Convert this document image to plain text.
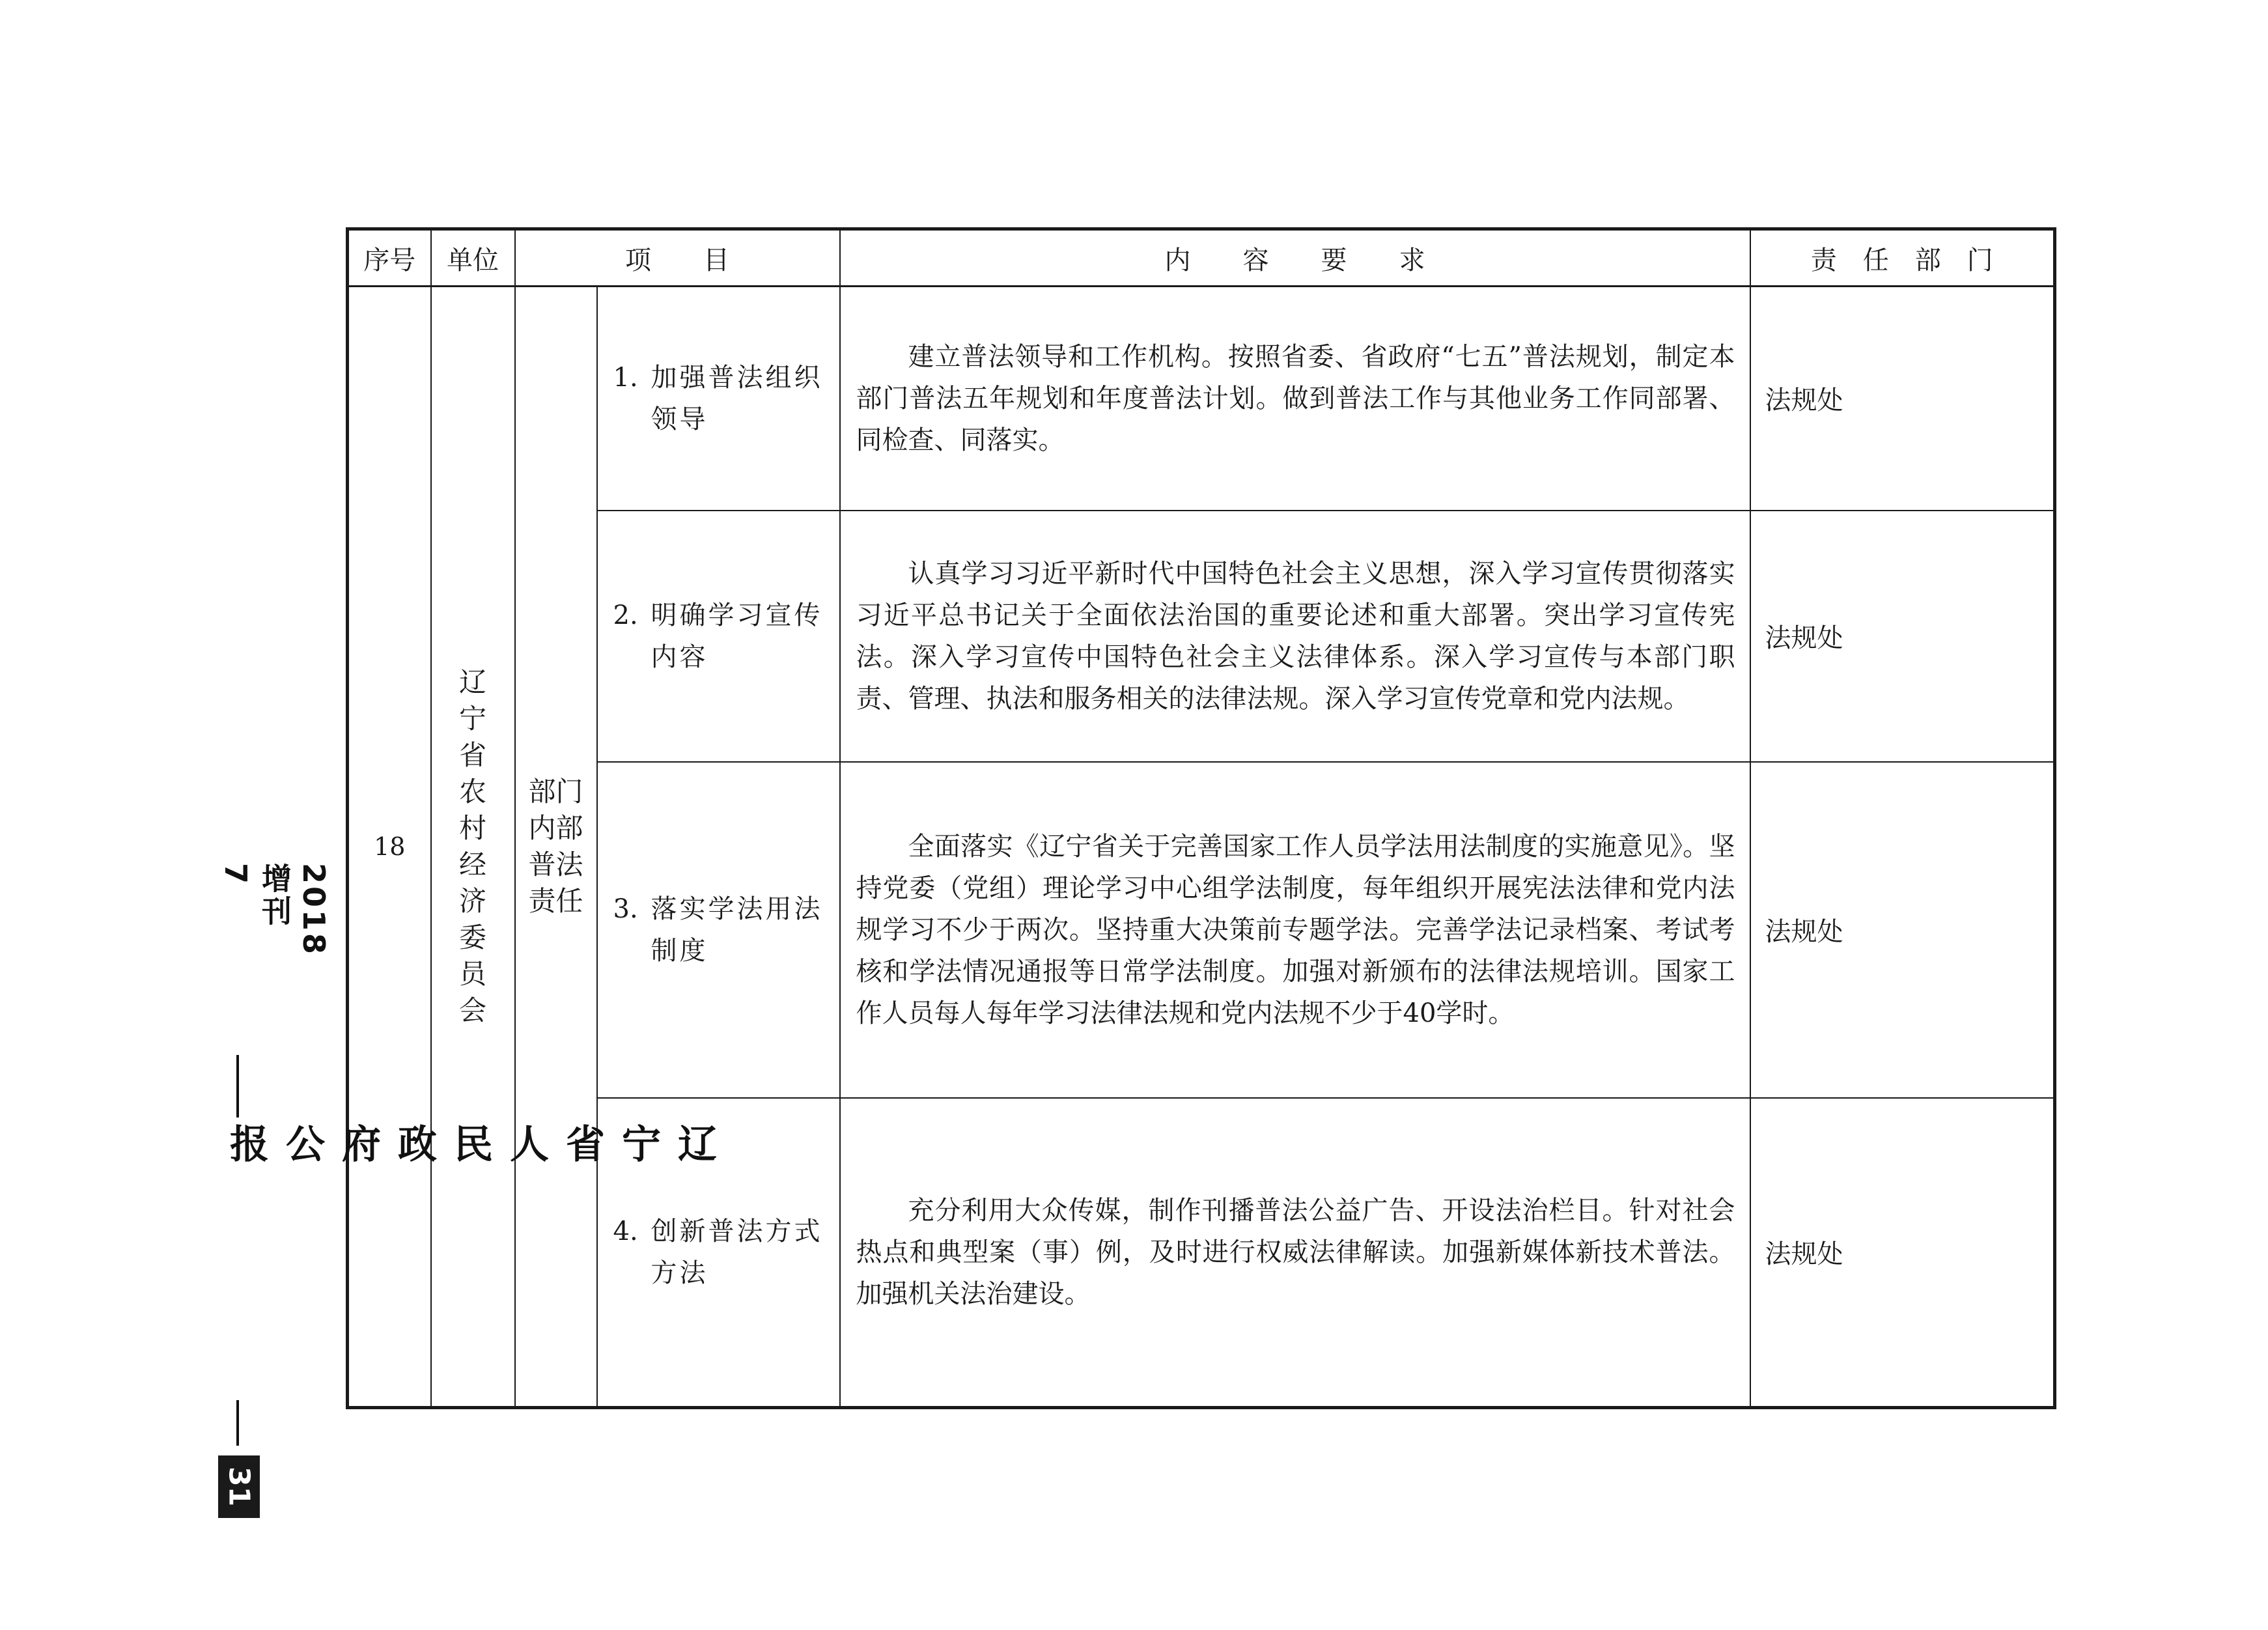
序号	单位	项　　目		内　　容　　要　　求	责　任　部　门
18	辽宁省农村经济委员会	部门内部普法责任	1. 加强普法组织领导	建立普法领导和工作机构。按照省委、省政府“七五”普法规划，制定本部门普法五年规划和年度普法计划。做到普法工作与其他业务工作同部署、同检查、同落实。	法规处

			2. 明确学习宣传内容	认真学习习近平新时代中国特色社会主义思想，深入学习宣传贯彻落实习近平总书记关于全面依法治国的重要论述和重大部署。突出学习宣传宪法。深入学习宣传中国特色社会主义法律体系。深入学习宣传与本部门职责、管理、执法和服务相关的法律法规。深入学习宣传党章和党内法规。	法规处

			3. 落实学法用法制度	全面落实《辽宁省关于完善国家工作人员学法用法制度的实施意见》。坚持党委（党组）理论学习中心组学法制度，每年组织开展宪法法律和党内法规学习不少于两次。坚持重大决策前专题学法。完善学法记录档案、考试考核和学法情况通报等日常学法制度。加强对新颁布的法律法规培训。国家工作人员每人每年学习法律法规和党内法规不少于40学时。	法规处

			4. 创新普法方式方法	充分利用大众传媒，制作刊播普法公益广告、开设法治栏目。针对社会热点和典型案（事）例，及时进行权威法律解读。加强新媒体新技术普法。加强机关法治建设。	法规处
2018 增刊 7
辽宁省人民政府公报
31
